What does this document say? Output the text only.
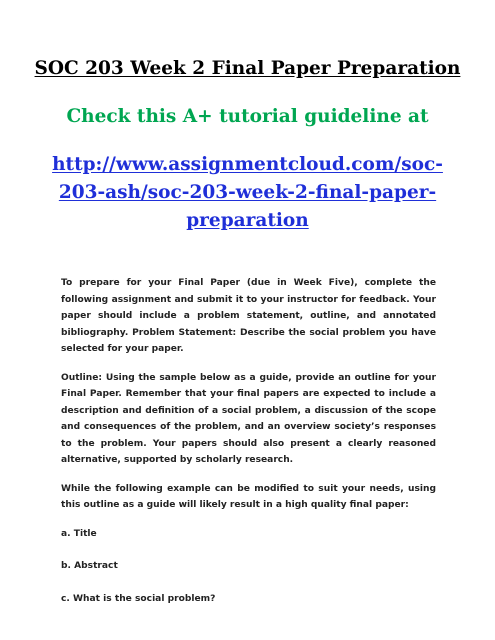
SOC 203 Week 2 Final Paper Preparation
Check this A+ tutorial guideline at
http://www.assignmentcloud.com/soc-
203-ash/soc-203-week-2-final-paper-
preparation

To prepare for your Final Paper (due in Week Five), complete the following assignment and submit it to your instructor for feedback. Your paper should include a problem statement, outline, and annotated bibliography. Problem Statement: Describe the social problem you have selected for your paper.

Outline: Using the sample below as a guide, provide an outline for your Final Paper. Remember that your final papers are expected to include a description and definition of a social problem, a discussion of the scope and consequences of the problem, and an overview society’s responses to the problem. Your papers should also present a clearly reasoned alternative, supported by scholarly research.

While the following example can be modified to suit your needs, using this outline as a guide will likely result in a high quality final paper:

a. Title

b. Abstract

c. What is the social problem?
